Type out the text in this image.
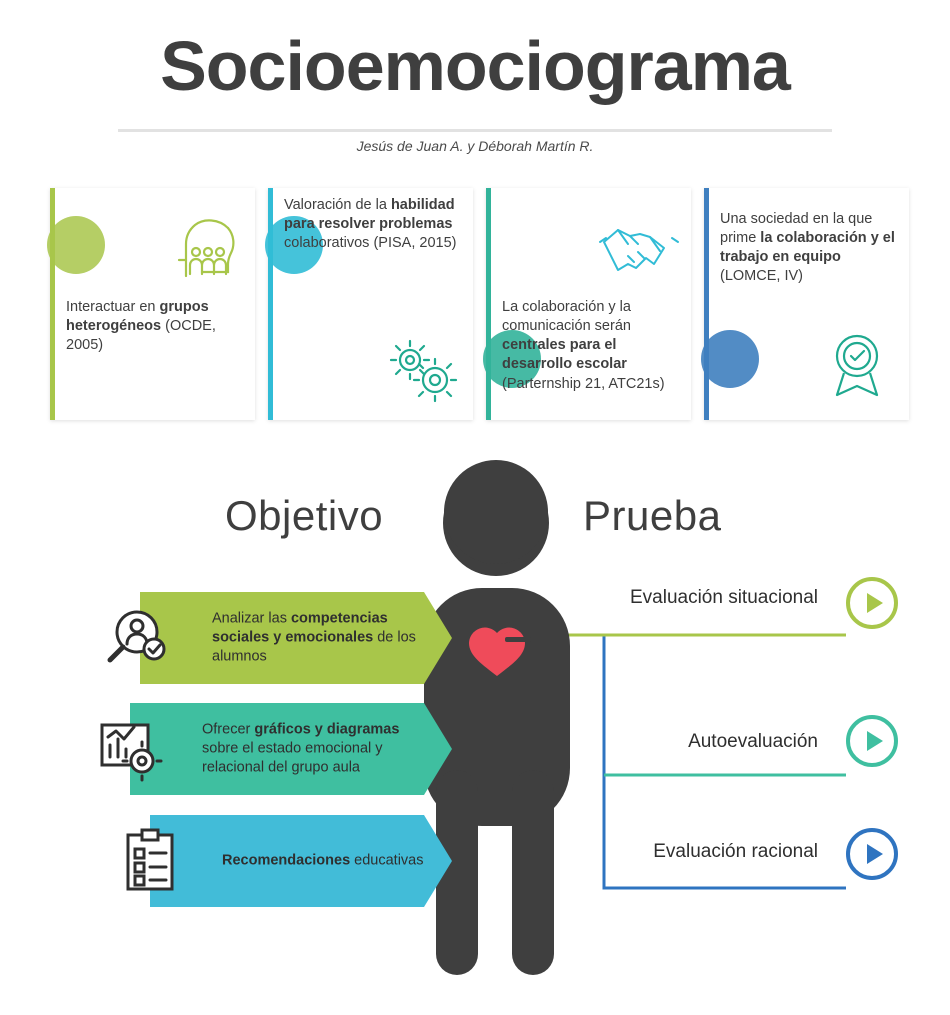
Socioemociograma
Jesús de Juan A. y Déborah Martín R.
Interactuar en grupos heterogéneos (OCDE, 2005)
Valoración de la habilidad para resolver problemas colaborativos (PISA, 2015)
La colaboración y la comunicación serán centrales para el desarrollo escolar (Parternship 21, ATC21s)
Una sociedad en la que prime la colaboración y el trabajo en equipo (LOMCE, IV)
Objetivo	Prueba
Analizar las competencias sociales y emocionales de los alumnos
Ofrecer gráficos y diagramas sobre el estado emocional y relacional del grupo aula
Recomendaciones educativas
Evaluación situacional
Autoevaluación
Evaluación racional
